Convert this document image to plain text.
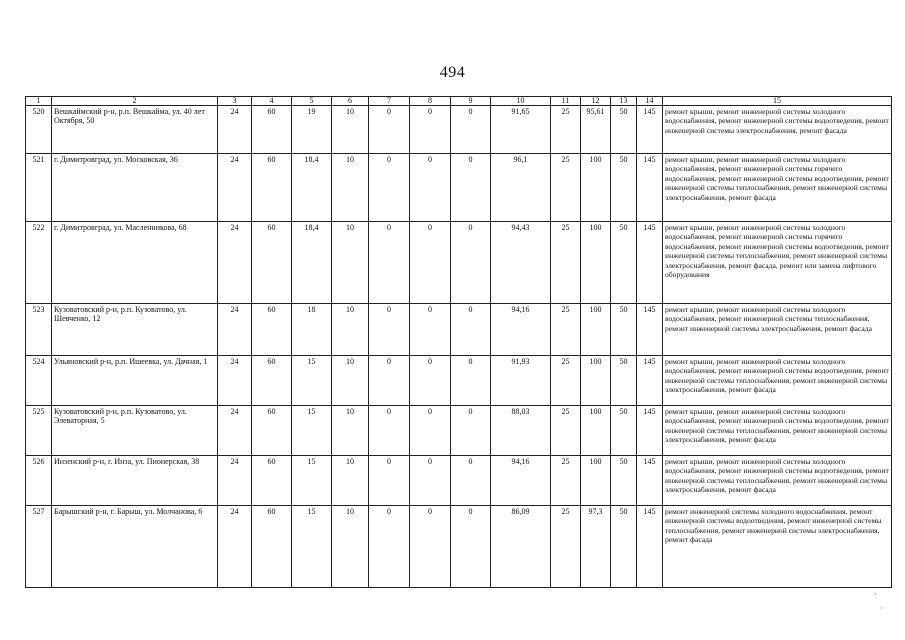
494
1	2	3	4	5	6	7	8	9	10	11	12	13	14	15
520	Вешкаймский р-н, р.п. Вешкайма, ул. 40 лет Октября, 50	24	60	19	10	0	0	0	91,65	25	95,61	50	145	ремонт крыши, ремонт инженерной системы холодного водоснабжения, ремонт инженерной системы водоотведения, ремонт инженерной системы электроснабжения, ремонт фасада
521	г. Димитровград, ул. Московская, 36	24	60	18,4	10	0	0	0	96,1	25	100	50	145	ремонт крыши, ремонт инженерной системы холодного водоснабжения, ремонт инженерной системы горячего водоснабжения, ремонт инженерной системы водоотведения, ремонт инженерной системы теплоснабжения, ремонт инженерной системы электроснабжения, ремонт фасада
522	г. Димитровград, ул. Масленникова, 68	24	60	18,4	10	0	0	0	94,43	25	100	50	145	ремонт крыши, ремонт инженерной системы холодного водоснабжения, ремонт инженерной системы горячего водоснабжения, ремонт инженерной системы водоотведения, ремонт инженерной системы теплоснабжения, ремонт инженерной системы электроснабжения, ремонт фасада, ремонт или замена лифтового оборудования
523	Кузоватовский р-н, р.п. Кузоватово, ул. Шевченко, 12	24	60	18	10	0	0	0	94,16	25	100	50	145	ремонт крыши, ремонт инженерной системы холодного водоснабжения, ремонт инженерной системы теплоснабжения, ремонт инженерной системы электроснабжения, ремонт фасада
524	Ульяновский р-н, р.п. Ишеевка, ул. Дачная, 1	24	60	15	10	0	0	0	91,93	25	100	50	145	ремонт крыши, ремонт инженерной системы холодного водоснабжения, ремонт инженерной системы водоотведения, ремонт инженерной системы теплоснабжения, ремонт инженерной системы электроснабжения, ремонт фасада
525	Кузоватовский р-н, р.п. Кузоватово, ул. Элеваторная, 5	24	60	15	10	0	0	0	88,03	25	100	50	145	ремонт крыши, ремонт инженерной системы холодного водоснабжения, ремонт инженерной системы водоотведения, ремонт инженерной системы теплоснабжения, ремонт инженерной системы электроснабжения, ремонт фасада
526	Инзенский р-н, г. Инза, ул. Пионерская, 38	24	60	15	10	0	0	0	94,16	25	100	50	145	ремонт крыши, ремонт инженерной системы холодного водоснабжения, ремонт инженерной системы водоотведения, ремонт инженерной системы теплоснабжения, ремонт инженерной системы электроснабжения, ремонт фасада
527	Барышский р-н, г. Барыш, ул. Молчанова, 6	24	60	15	10	0	0	0	86,09	25	97,3	50	145	ремонт инженерной системы холодного водоснабжения, ремонт инженерной системы водоотведения, ремонт инженерной системы теплоснабжения, ремонт инженерной системы электроснабжения, ремонт фасада
·
·
